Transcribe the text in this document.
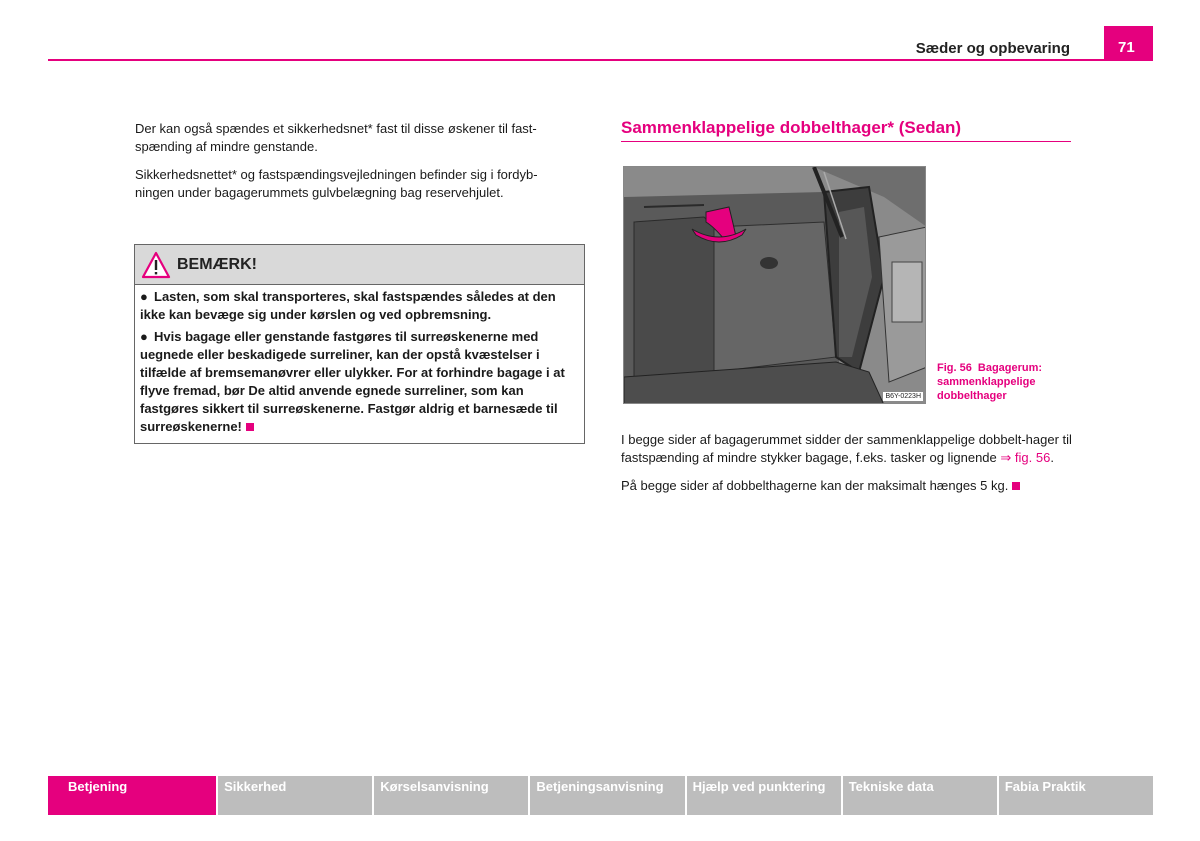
Sæder og opbevaring	71

Der kan også spændes et sikkerhedsnet* fast til disse øskener til fast-spænding af mindre genstande.

Sikkerhedsnettet* og fastspændingsvejledningen befinder sig i fordyb-ningen under bagagerummets gulvbelægning bag reservehjulet.

BEMÆRK!
● Lasten, som skal transporteres, skal fastspændes således at den ikke kan bevæge sig under kørslen og ved opbremsning.
● Hvis bagage eller genstande fastgøres til surreøskenerne med uegnede eller beskadigede surreliner, kan der opstå kvæstelser i tilfælde af bremsemanøvrer eller ulykker. For at forhindre bagage i at flyve fremad, bør De altid anvende egnede surreliner, som kan fastgøres sikkert til surreøskenerne. Fastgør aldrig et barnesæde til surreøskenerne!
Sammenklappelige dobbelthager* (Sedan)
B6Y-0223H
Fig. 56 Bagagerum: sammenklappelige dobbelthager

I begge sider af bagagerummet sidder der sammenklappelige dobbelt-hager til fastspænding af mindre stykker bagage, f.eks. tasker og lignende ⇒ fig. 56.

På begge sider af dobbelthagerne kan der maksimalt hænges 5 kg.

Betjening	Sikkerhed	Kørselsanvisning	Betjeningsanvisning	Hjælp ved punktering	Tekniske data	Fabia Praktik
